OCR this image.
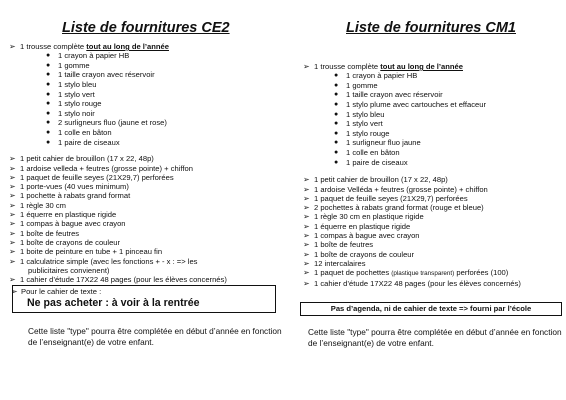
Liste de fournitures CE2
➢ 1 trousse complète tout au long de l’année
● 1 crayon à papier HB
● 1 gomme
● 1 taille crayon avec réservoir
● 1 stylo bleu
● 1 stylo vert
● 1 stylo rouge
● 1 stylo noir
● 2 surligneurs fluo (jaune et rose)
● 1 colle en bâton
● 1 paire de ciseaux
➢ 1 petit cahier de brouillon (17 x 22, 48p)
➢ 1 ardoise velleda + feutres (grosse pointe) + chiffon
➢ 1 paquet de feuille seyes (21X29,7) perforées
➢ 1 porte-vues (40 vues minimum)
➢ 1 pochette à rabats grand format
➢ 1 règle 30 cm
➢ 1 équerre en plastique rigide
➢ 1 compas à bague avec crayon
➢ 1 boîte de feutres
➢ 1 boîte de crayons de couleur
➢ 1 boite de peinture en tube + 1 pinceau fin
➢ 1 calculatrice simple (avec les fonctions + - x : => les
publicitaires convienent)
➢ 1 cahier d’étude 17X22 48 pages (pour les élèves concernés)
➢ Pour le cahier de texte :
Ne pas acheter : à voir à la rentrée
Cette liste "type" pourra être complétée en début d’année en fonction de l’enseignant(e) de votre enfant.
Liste de fournitures CM1
➢ 1 trousse complète tout au long de l’année
● 1 crayon à papier HB
● 1 gomme
● 1 taille crayon avec réservoir
● 1 stylo plume avec cartouches et effaceur
● 1 stylo bleu
● 1 stylo vert
● 1 stylo rouge
● 1 surligneur fluo jaune
● 1 colle en bâton
● 1 paire de ciseaux
➢ 1 petit cahier de brouillon (17 x 22, 48p)
➢ 1 ardoise Velléda + feutres (grosse pointe) + chiffon
➢ 1 paquet de feuille seyes (21X29,7) perforées
➢ 2 pochettes à rabats grand format (rouge et bleue)
➢ 1 règle 30 cm en plastique rigide
➢ 1 équerre en plastique rigide
➢ 1 compas à bague avec crayon
➢ 1 boîte de feutres
➢ 1 boîte de crayons de couleur
➢ 12 intercalaires
➢ 1 paquet de pochettes (plastique transparent) perforées (100)
➢ 1 cahier d’étude 17X22 48 pages (pour les élèves concernés)
Pas d’agenda, ni de cahier de texte => fourni par l’école
Cette liste "type" pourra être complétée en début d’année en fonction de l’enseignant(e) de votre enfant.
